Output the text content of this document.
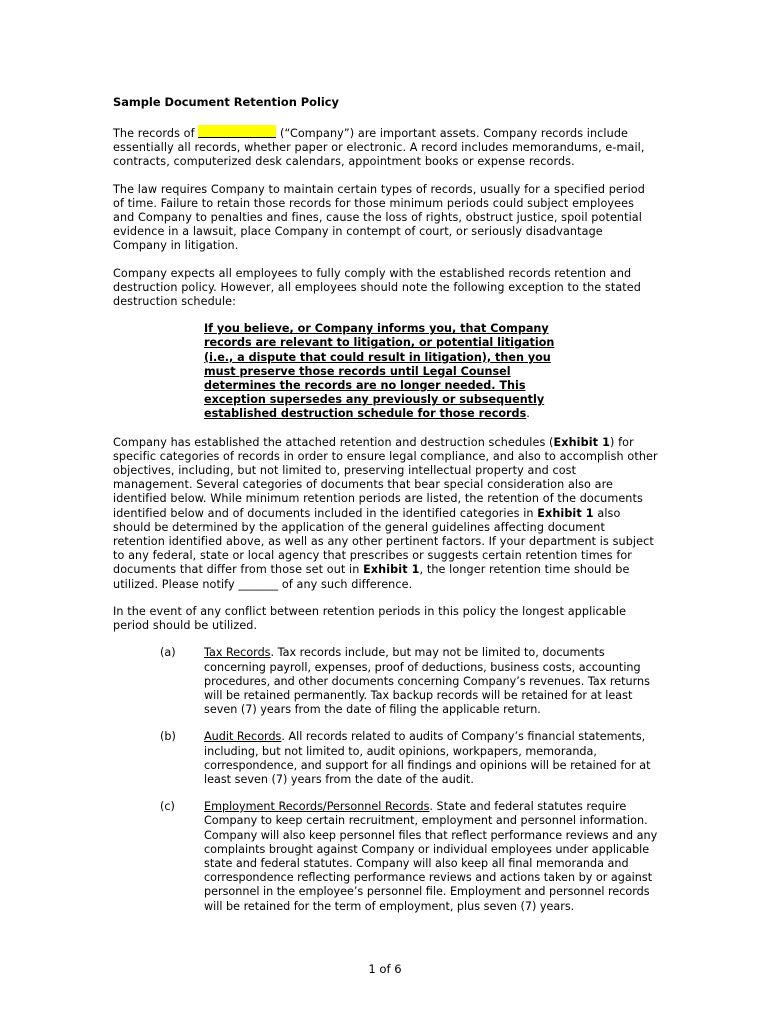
Sample Document Retention Policy

The records of	(“Company”) are important assets. Company records include essentially all records, whether paper or electronic. A record includes memorandums, e-mail, contracts, computerized desk calendars, appointment books or expense records.

The law requires Company to maintain certain types of records, usually for a specified period of time. Failure to retain those records for those minimum periods could subject employees and Company to penalties and fines, cause the loss of rights, obstruct justice, spoil potential evidence in a lawsuit, place Company in contempt of court, or seriously disadvantage Company in litigation.

Company expects all employees to fully comply with the established records retention and destruction policy. However, all employees should note the following exception to the stated destruction schedule:

If you believe, or Company informs you, that Company records are relevant to litigation, or potential litigation (i.e., a dispute that could result in litigation), then you must preserve those records until Legal Counsel determines the records are no longer needed. This exception supersedes any previously or subsequently established destruction schedule for those records.

Company has established the attached retention and destruction schedules (Exhibit 1) for specific categories of records in order to ensure legal compliance, and also to accomplish other objectives, including, but not limited to, preserving intellectual property and cost management. Several categories of documents that bear special consideration also are identified below. While minimum retention periods are listed, the retention of the documents identified below and of documents included in the identified categories in Exhibit 1 also should be determined by the application of the general guidelines affecting document retention identified above, as well as any other pertinent factors. If your department is subject to any federal, state or local agency that prescribes or suggests certain retention times for documents that differ from those set out in Exhibit 1, the longer retention time should be utilized. Please notify _______ of any such difference.

In the event of any conflict between retention periods in this policy the longest applicable period should be utilized.

(a)	Tax Records. Tax records include, but may not be limited to, documents concerning payroll, expenses, proof of deductions, business costs, accounting procedures, and other documents concerning Company’s revenues. Tax returns will be retained permanently. Tax backup records will be retained for at least seven (7) years from the date of filing the applicable return.
(b)	Audit Records. All records related to audits of Company’s financial statements, including, but not limited to, audit opinions, workpapers, memoranda, correspondence, and support for all findings and opinions will be retained for at least seven (7) years from the date of the audit.
(c)	Employment Records/Personnel Records. State and federal statutes require Company to keep certain recruitment, employment and personnel information. Company will also keep personnel files that reflect performance reviews and any complaints brought against Company or individual employees under applicable state and federal statutes. Company will also keep all final memoranda and correspondence reflecting performance reviews and actions taken by or against personnel in the employee’s personnel file. Employment and personnel records will be retained for the term of employment, plus seven (7) years.
1 of 6
